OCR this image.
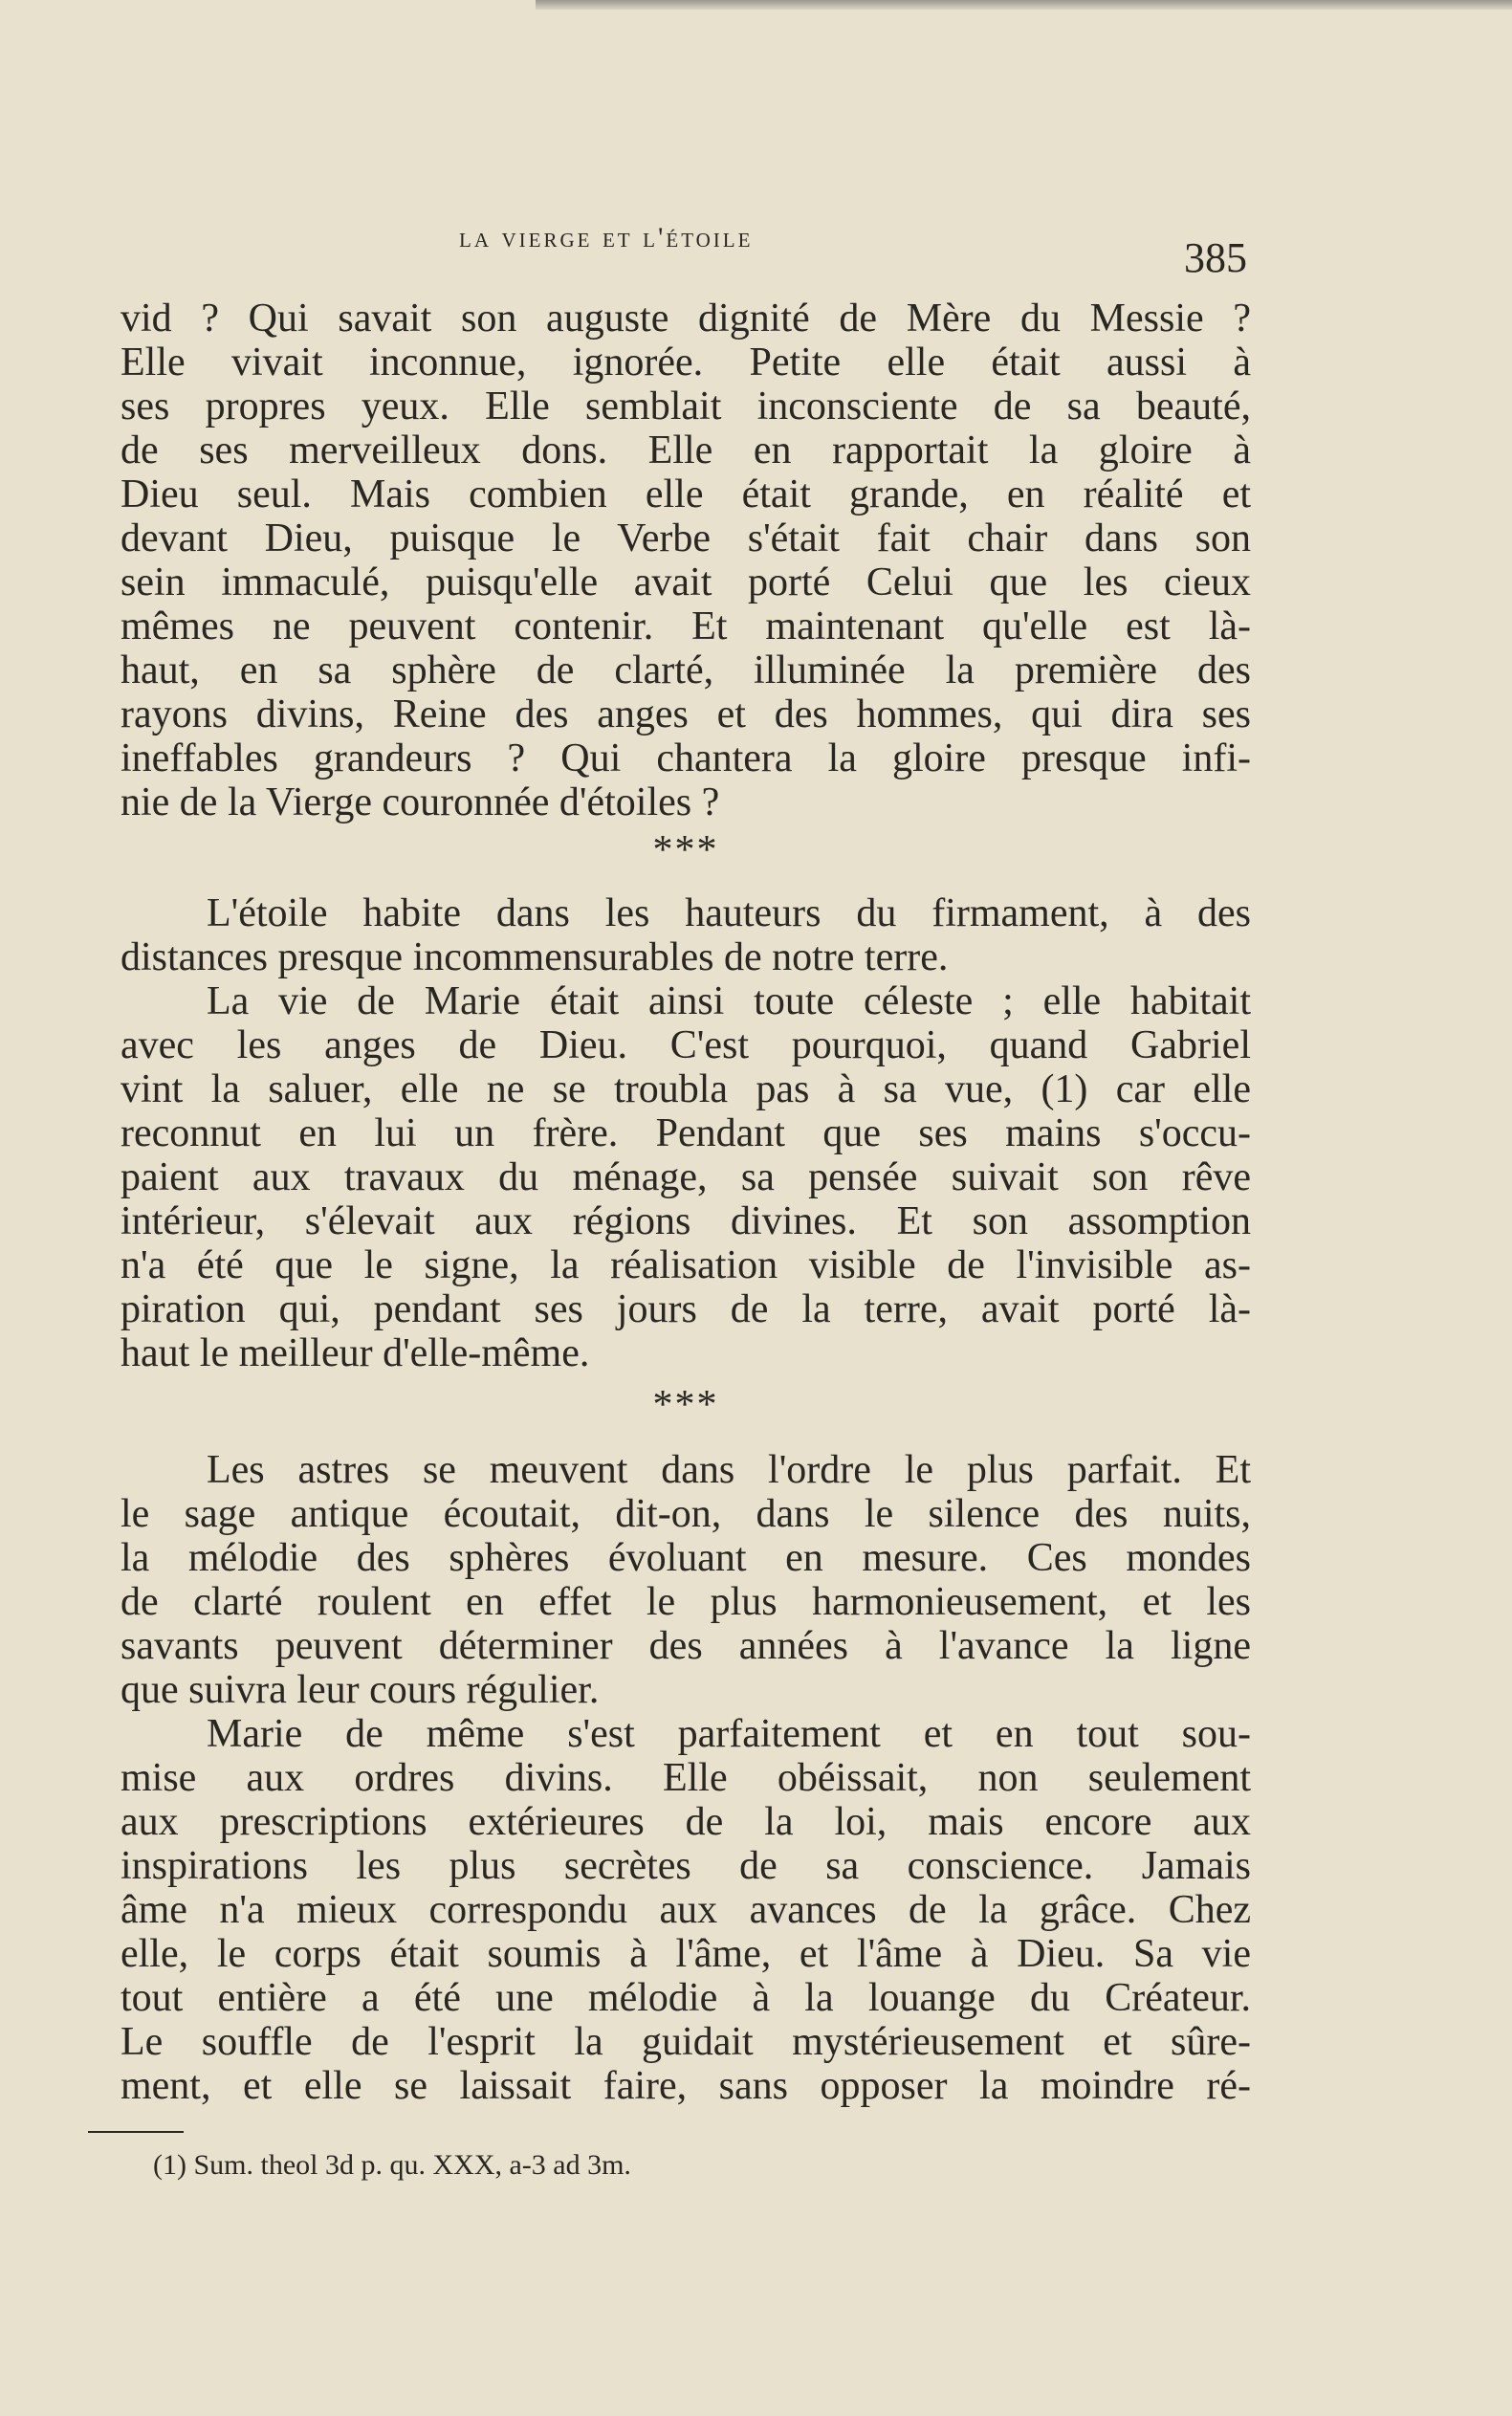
la vierge et l'étoile	385
vid ? Qui savait son auguste dignité de Mère du Messie ?
Elle vivait inconnue, ignorée. Petite elle était aussi à
ses propres yeux. Elle semblait inconsciente de sa beauté,
de ses merveilleux dons. Elle en rapportait la gloire à
Dieu seul. Mais combien elle était grande, en réalité et
devant Dieu, puisque le Verbe s'était fait chair dans son
sein immaculé, puisqu'elle avait porté Celui que les cieux
mêmes ne peuvent contenir. Et maintenant qu'elle est là-
haut, en sa sphère de clarté, illuminée la première des
rayons divins, Reine des anges et des hommes, qui dira ses
ineffables grandeurs ? Qui chantera la gloire presque infi-
nie de la Vierge couronnée d'étoiles ?
***
L'étoile habite dans les hauteurs du firmament, à des
distances presque incommensurables de notre terre.
La vie de Marie était ainsi toute céleste ; elle habitait
avec les anges de Dieu. C'est pourquoi, quand Gabriel
vint la saluer, elle ne se troubla pas à sa vue, (1) car elle
reconnut en lui un frère. Pendant que ses mains s'occu-
paient aux travaux du ménage, sa pensée suivait son rêve
intérieur, s'élevait aux régions divines. Et son assomption
n'a été que le signe, la réalisation visible de l'invisible as-
piration qui, pendant ses jours de la terre, avait porté là-
haut le meilleur d'elle-même.
***
Les astres se meuvent dans l'ordre le plus parfait. Et
le sage antique écoutait, dit-on, dans le silence des nuits,
la mélodie des sphères évoluant en mesure. Ces mondes
de clarté roulent en effet le plus harmonieusement, et les
savants peuvent déterminer des années à l'avance la ligne
que suivra leur cours régulier.
Marie de même s'est parfaitement et en tout sou-
mise aux ordres divins. Elle obéissait, non seulement
aux prescriptions extérieures de la loi, mais encore aux
inspirations les plus secrètes de sa conscience. Jamais
âme n'a mieux correspondu aux avances de la grâce. Chez
elle, le corps était soumis à l'âme, et l'âme à Dieu. Sa vie
tout entière a été une mélodie à la louange du Créateur.
Le souffle de l'esprit la guidait mystérieusement et sûre-
ment, et elle se laissait faire, sans opposer la moindre ré-
(1) Sum. theol 3d p. qu. XXX, a-3 ad 3m.
